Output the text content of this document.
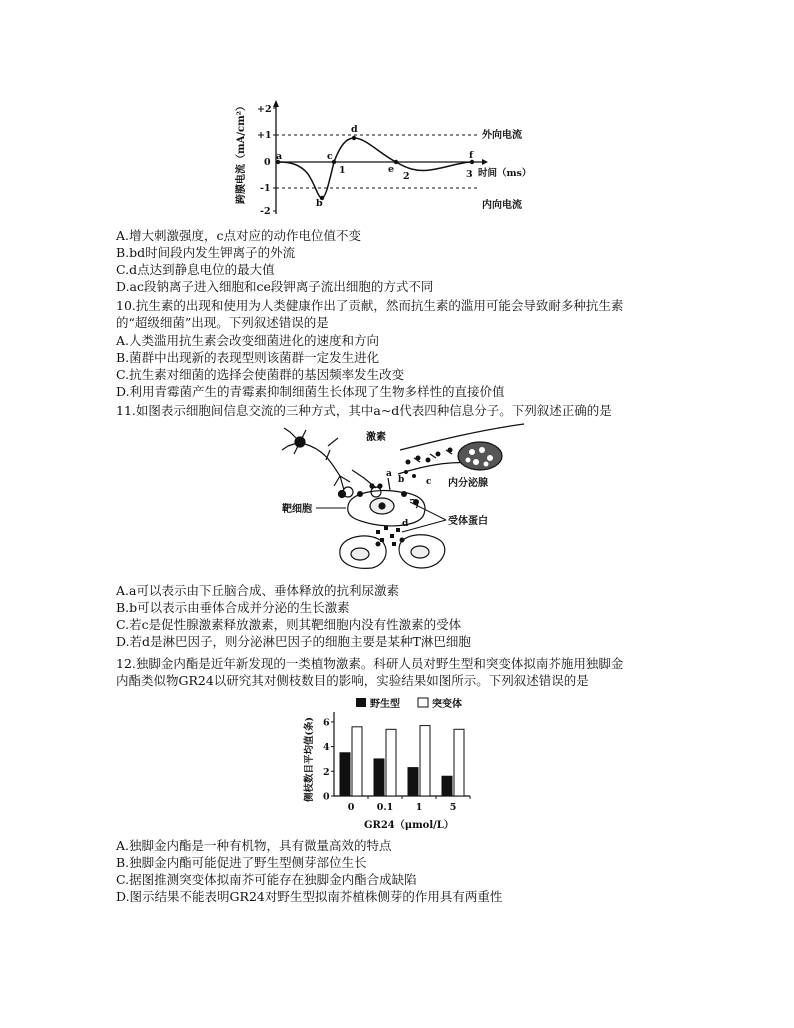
跨膜电流（mA/cm²） +2
+1
0
-1
-2
a
b
c
d
e
f
1
2	3 时间（ms）
外向电流
内向电流
A.增大刺激强度，c点对应的动作电位值不变
B.bd时间段内发生钾离子的外流
C.d点达到静息电位的最大值
D.ac段钠离子进入细胞和ce段钾离子流出细胞的方式不同
10.抗生素的出现和使用为人类健康作出了贡献，然而抗生素的滥用可能会导致耐多种抗生素
的“超级细菌”出现。下列叙述错误的是
A.人类滥用抗生素会改变细菌进化的速度和方向
B.菌群中出现新的表现型则该菌群一定发生进化
C.抗生素对细菌的选择会使菌群的基因频率发生改变
D.利用青霉菌产生的青霉素抑制细菌生长体现了生物多样性的直接价值
11.如图表示细胞间信息交流的三种方式，其中a~d代表四种信息分子。下列叙述正确的是
a
b c
d
激素
内分泌腺
靶细胞
受体蛋白
A.a可以表示由下丘脑合成、垂体释放的抗利尿激素
B.b可以表示由垂体合成并分泌的生长激素
C.若c是促性腺激素释放激素，则其靶细胞内没有性激素的受体
D.若d是淋巴因子，则分泌淋巴因子的细胞主要是某种T淋巴细胞
12.独脚金内酯是近年新发现的一类植物激素。科研人员对野生型和突变体拟南芥施用独脚金
内酯类似物GR24以研究其对侧枝数目的影响，实验结果如图所示。下列叙述错误的是
野生型	突变体
侧枝数目平均值(条) 0
2
4
6
0 0.1 1	5
GR24（μmol/L）
A.独脚金内酯是一种有机物，具有微量高效的特点
B.独脚金内酯可能促进了野生型侧芽部位生长
C.据图推测突变体拟南芥可能存在独脚金内酯合成缺陷
D.图示结果不能表明GR24对野生型拟南芥植株侧芽的作用具有两重性
